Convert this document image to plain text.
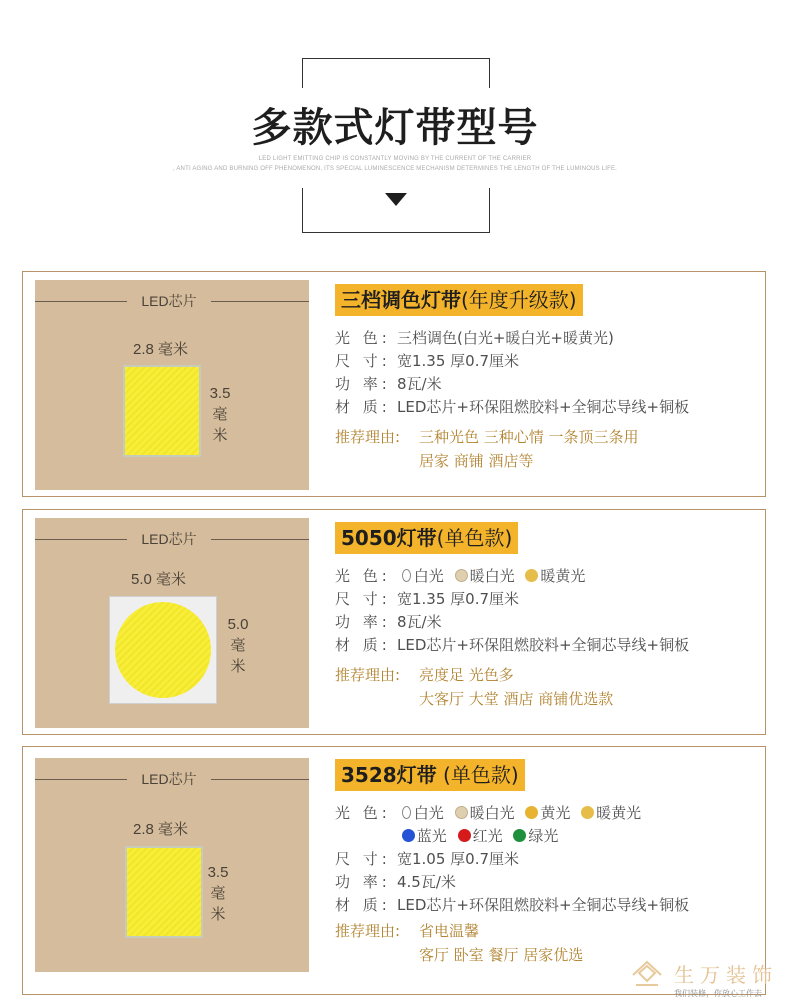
多款式灯带型号
LED LIGHT EMITTING CHIP IS CONSTANTLY MOVING BY THE CURRENT OF THE CARRIER
, ANTI AGING AND BURNING OFF PHENOMENON, ITS SPECIAL LUMINESCENCE MECHANISM DETERMINES THE LENGTH OF THE LUMINOUS LIFE.
LED芯片
2.8 毫米
3.5
毫
米
三档调色灯带(年度升级款)
光 色: 三档调色(白光+暖白光+暖黄光)
尺 寸: 宽1.35 厚0.7厘米
功 率: 8瓦/米
材 质: LED芯片+环保阻燃胶料+全铜芯导线+铜板
推荐理由: 三种光色 三种心情 一条顶三条用
居家 商铺 酒店等
LED芯片
5.0 毫米
5.0
毫
米
5050灯带(单色款)
光 色: 白光 暖白光 暖黄光
尺 寸: 宽1.35 厚0.7厘米
功 率: 8瓦/米
材 质: LED芯片+环保阻燃胶料+全铜芯导线+铜板
推荐理由: 亮度足 光色多
大客厅 大堂 酒店 商铺优选款
LED芯片
2.8 毫米
3.5
毫
米
3528灯带 (单色款)
光 色: 白光 暖白光 黄光 暖黄光
蓝光 红光 绿光
尺 寸: 宽1.05 厚0.7厘米
功 率: 4.5瓦/米
材 质: LED芯片+环保阻燃胶料+全铜芯导线+铜板
推荐理由: 省电温馨
客厅 卧室 餐厅 居家优选
生万装饰
我们装修，你放心工作去
